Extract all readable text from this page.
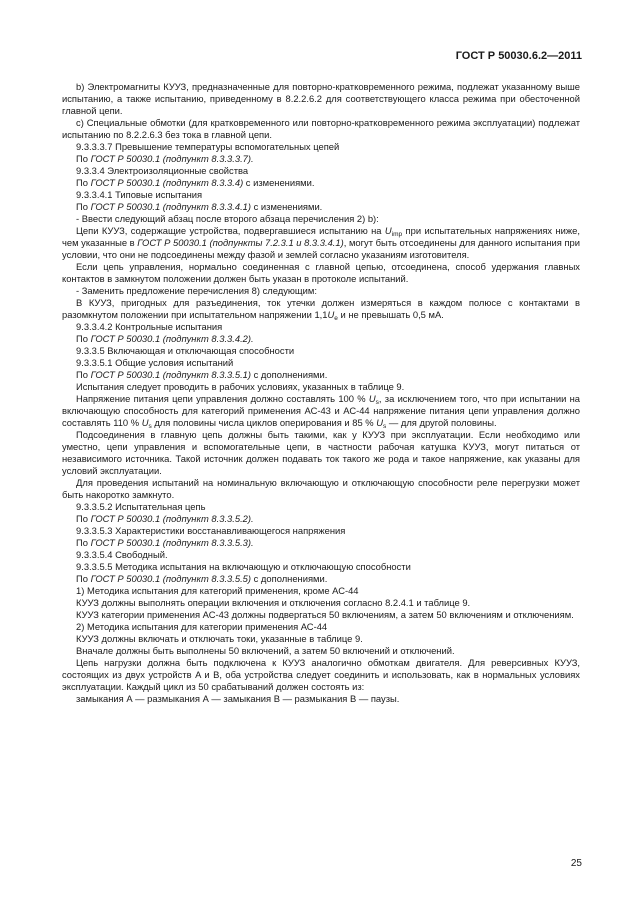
ГОСТ Р 50030.6.2—2011

b) Электромагниты КУУЗ, предназначенные для повторно-кратковременного режима, подлежат указанному выше испытанию, а также испытанию, приведенному в 8.2.2.6.2 для соответствующего класса режима при обесточенной главной цепи.

c) Специальные обмотки (для кратковременного или повторно-кратковременного режима эксплуатации) подлежат испытанию по 8.2.2.6.3 без тока в главной цепи.

9.3.3.3.7 Превышение температуры вспомогательных цепей

По ГОСТ Р 50030.1 (подпункт 8.3.3.3.7).

9.3.3.4 Электроизоляционные свойства

По ГОСТ Р 50030.1 (подпункт 8.3.3.4) с изменениями.

9.3.3.4.1 Типовые испытания

По ГОСТ Р 50030.1 (подпункт 8.3.3.4.1) с изменениями.

- Ввести следующий абзац после второго абзаца перечисления 2) b):

Цепи КУУЗ, содержащие устройства, подвергавшиеся испытанию на $U_{imp}$ при испытательных напряжениях ниже, чем указанные в ГОСТ Р 50030.1 (подпункты 7.2.3.1 и 8.3.3.4.1), могут быть отсоединены для данного испытания при условии, что они не подсоединены между фазой и землей согласно указаниям изготовителя.

Если цепь управления, нормально соединенная с главной цепью, отсоединена, способ удержания главных контактов в замкнутом положении должен быть указан в протоколе испытаний.

- Заменить предложение перечисления 8) следующим:

В КУУЗ, пригодных для разъединения, ток утечки должен измеряться в каждом полюсе с контактами в разомкнутом положении при испытательном напряжении $1,1U_e$ и не превышать 0,5 мА.

9.3.3.4.2 Контрольные испытания

По ГОСТ Р 50030.1 (подпункт 8.3.3.4.2).

9.3.3.5 Включающая и отключающая способности

9.3.3.5.1 Общие условия испытаний

По ГОСТ Р 50030.1 (подпункт 8.3.3.5.1) с дополнениями.

Испытания следует проводить в рабочих условиях, указанных в таблице 9.

Напряжение питания цепи управления должно составлять 100 % $U_s$, за исключением того, что при испытании на включающую способность для категорий применения АС-43 и АС-44 напряжение питания цепи управления должно составлять 110 % $U_s$ для половины числа циклов оперирования и 85 % $U_s$ — для другой половины.

Подсоединения в главную цепь должны быть такими, как у КУУЗ при эксплуатации. Если необходимо или уместно, цепи управления и вспомогательные цепи, в частности рабочая катушка КУУЗ, могут питаться от независимого источника. Такой источник должен подавать ток такого же рода и такое напряжение, как указаны для условий эксплуатации.

Для проведения испытаний на номинальную включающую и отключающую способности реле перегрузки может быть накоротко замкнуто.

9.3.3.5.2 Испытательная цепь

По ГОСТ Р 50030.1 (подпункт 8.3.3.5.2).

9.3.3.5.3 Характеристики восстанавливающегося напряжения

По ГОСТ Р 50030.1 (подпункт 8.3.3.5.3).

9.3.3.5.4 Свободный.

9.3.3.5.5 Методика испытания на включающую и отключающую способности

По ГОСТ Р 50030.1 (подпункт 8.3.3.5.5) с дополнениями.

1) Методика испытания для категорий применения, кроме АС-44

КУУЗ должны выполнять операции включения и отключения согласно 8.2.4.1 и таблице 9.

КУУЗ категории применения АС-43 должны подвергаться 50 включениям, а затем 50 включениям и отключениям.

2) Методика испытания для категории применения АС-44

КУУЗ должны включать и отключать токи, указанные в таблице 9.

Вначале должны быть выполнены 50 включений, а затем 50 включений и отключений.

Цепь нагрузки должна быть подключена к КУУЗ аналогично обмоткам двигателя. Для реверсивных КУУЗ, состоящих из двух устройств A и B, оба устройства следует соединить и использовать, как в нормальных условиях эксплуатации. Каждый цикл из 50 срабатываний должен состоять из:

замыкания А — размыкания А — замыкания В — размыкания В — паузы.

25
